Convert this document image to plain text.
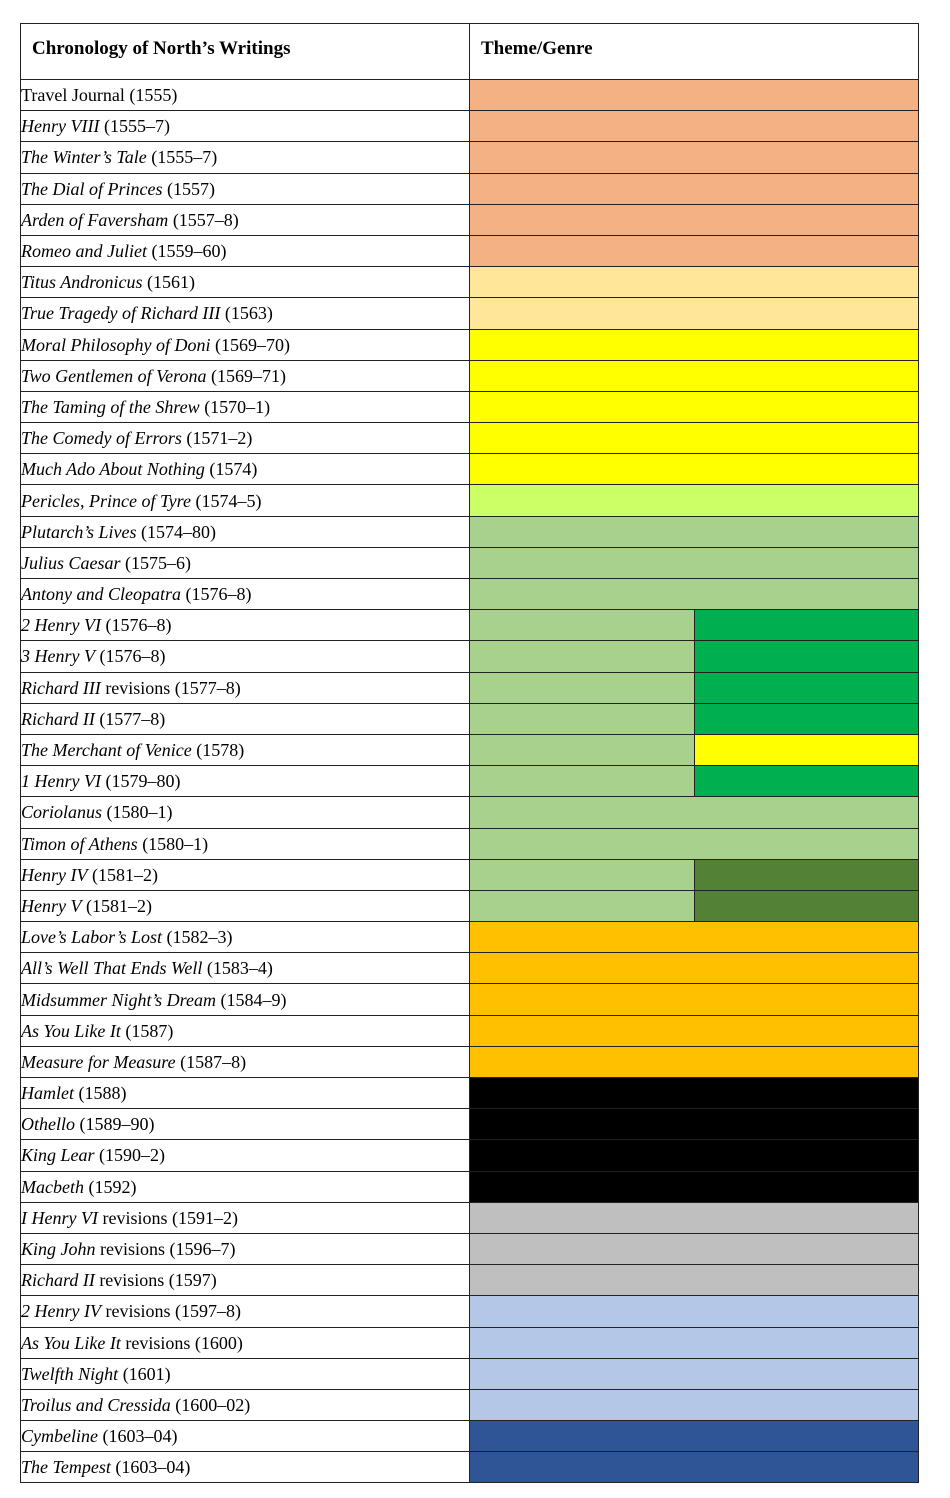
Chronology of North’s Writings	Theme/Genre	
Travel Journal (1555)		
Henry VIII (1555–7)		
The Winter’s Tale (1555–7)		
The Dial of Princes (1557)		
Arden of Faversham (1557–8)		
Romeo and Juliet (1559–60)		
Titus Andronicus (1561)		
True Tragedy of Richard III (1563)		
Moral Philosophy of Doni (1569–70)		
Two Gentlemen of Verona (1569–71)		
The Taming of the Shrew (1570–1)		
The Comedy of Errors (1571–2)		
Much Ado About Nothing (1574)		
Pericles, Prince of Tyre (1574–5)		
Plutarch’s Lives (1574–80)		
Julius Caesar (1575–6)		
Antony and Cleopatra (1576–8)		
2 Henry VI (1576–8)		
3 Henry V (1576–8)		
Richard III revisions (1577–8)		
Richard II (1577–8)		
The Merchant of Venice (1578)		
1 Henry VI (1579–80)		
Coriolanus (1580–1)		
Timon of Athens (1580–1)		
Henry IV (1581–2)		
Henry V (1581–2)		
Love’s Labor’s Lost (1582–3)		
All’s Well That Ends Well (1583–4)		
Midsummer Night’s Dream (1584–9)		
As You Like It (1587)		
Measure for Measure (1587–8)		
Hamlet (1588)		
Othello (1589–90)		
King Lear (1590–2)		
Macbeth (1592)		
I Henry VI revisions (1591–2)		
King John revisions (1596–7)		
Richard II revisions (1597)		
2 Henry IV revisions (1597–8)		
As You Like It revisions (1600)		
Twelfth Night (1601)		
Troilus and Cressida (1600–02)		
Cymbeline (1603–04)		
The Tempest (1603–04)		
